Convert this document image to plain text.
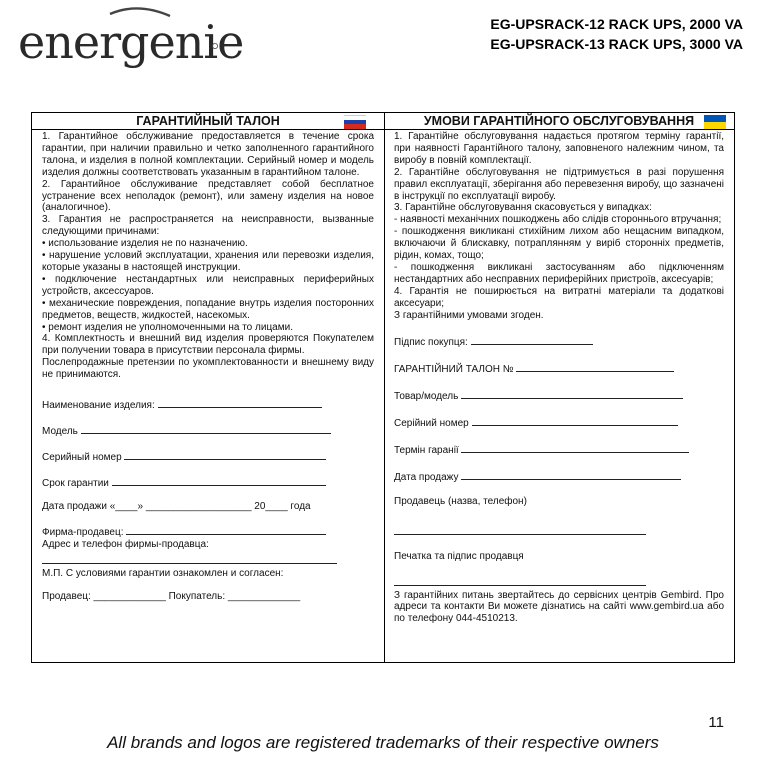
energenie	EG-UPSRACK-12 RACK UPS, 2000 VA
EG-UPSRACK-13 RACK UPS, 3000 VA
ГАРАНТИЙНЫЙ ТАЛОН

1. Гарантийное обслуживание предоставляется в течение срока гарантии, при наличии правильно и четко заполненного гарантийного талона, и изделия в полной комплектации. Серийный номер и модель изделия должны соответствовать указанным в гарантийном талоне.

2. Гарантийное обслуживание представляет собой бесплатное устранение всех неполадок (ремонт), или замену изделия на новое (аналогичное).

3. Гарантия не распространяется на неисправности, вызванные следующими причинами:

• использование изделия не по назначению.

• нарушение условий эксплуатации, хранения или перевозки изделия, которые указаны в настоящей инструкции.

• подключение нестандартных или неисправных периферийных устройств, аксессуаров.

• механические повреждения, попадание внутрь изделия посторонних предметов, веществ, жидкостей, насекомых.

• ремонт изделия не уполномоченными на то лицами.

4. Комплектность и внешний вид изделия проверяются Покупателем при получении товара в присутствии персонала фирмы.

Послепродажные претензии по укомплектованности и внешнему виду не принимаются.

Наименование изделия:

Модель

Серийный номер

Срок гарантии

Дата продажи «____» ___________________ 20____ года

Фирма-продавец:

Адрес и телефон фирмы-продавца:

М.П. С условиями гарантии ознакомлен и согласен:

Продавец: _____________ Покупатель: _____________

УМОВИ ГАРАНТІЙНОГО ОБСЛУГОВУВАННЯ

1. Гарантійне обслуговування надається протягом терміну гарантії, при наявності Гарантійного талону, заповненого належним чином, та виробу в повній комплектації.

2. Гарантійне обслуговування не підтримується в разі порушення правил експлуатації, зберігання або перевезення виробу, що зазначені в інструкції по експлуатації виробу.

3. Гарантійне обслуговування скасовується у випадках:

- наявності механічних пошкоджень або слідів стороннього втручання;

- пошкодження викликані стихійним лихом або нещасним випадком, включаючи й блискавку, потраплянням у виріб сторонніх предметів, рідин, комах, тощо;

- пошкодження викликані застосуванням або підключенням нестандартних або несправних периферійних пристроїв, аксесуарів;

4. Гарантія не поширюється на витратні матеріали та додаткові аксесуари;

З гарантійними умовами згоден.

Підпис покупця:

ГАРАНТІЙНИЙ ТАЛОН №

Товар/модель

Серійний номер

Термін гарaнії

Дата продажу

Продавець (назва, телефон)

Печатка та підпис продавця

З гарантійних питань звертайтесь до сервісних центрів Gembird. Про адреси та контакти Ви можете дізнатись на сайті www.gembird.ua або по телефону 044-4510213.

11
All brands and logos are registered trademarks of their respective owners
